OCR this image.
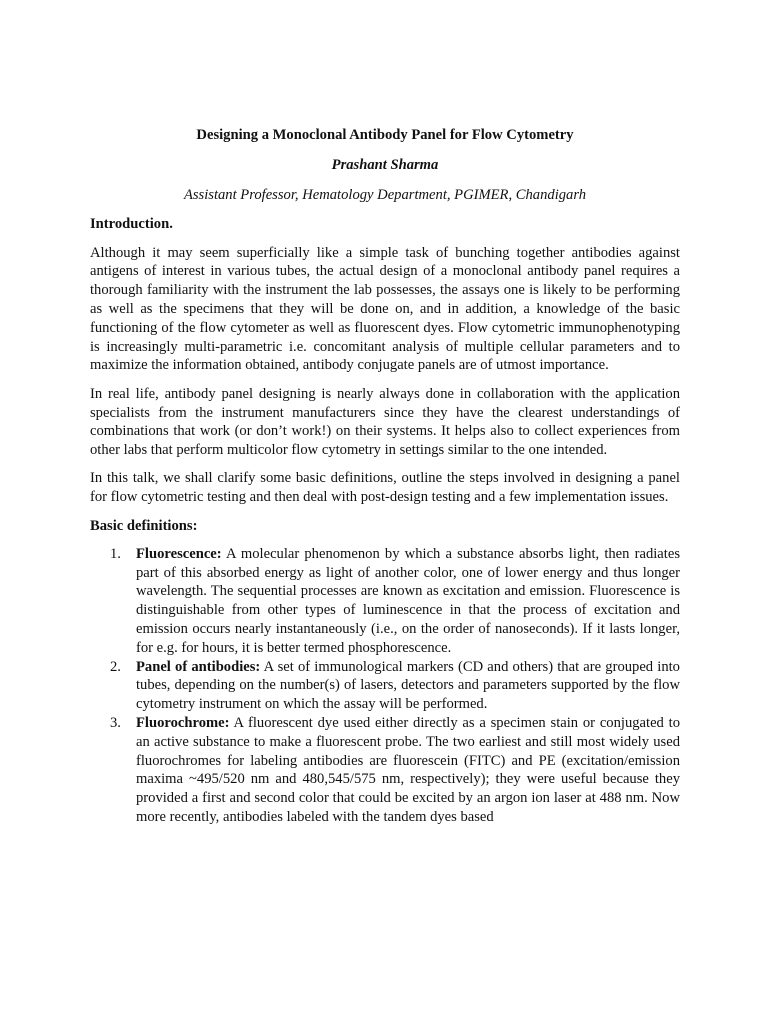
Designing a Monoclonal Antibody Panel for Flow Cytometry
Prashant Sharma
Assistant Professor, Hematology Department, PGIMER, Chandigarh
Introduction.

Although it may seem superficially like a simple task of bunching together antibodies against antigens of interest in various tubes, the actual design of a monoclonal antibody panel requires a thorough familiarity with the instrument the lab possesses, the assays one is likely to be performing as well as the specimens that they will be done on, and in addition, a knowledge of the basic functioning of the flow cytometer as well as fluorescent dyes. Flow cytometric immunophenotyping is increasingly multi-parametric i.e. concomitant analysis of multiple cellular parameters and to maximize the information obtained, antibody conjugate panels are of utmost importance.

In real life, antibody panel designing is nearly always done in collaboration with the application specialists from the instrument manufacturers since they have the clearest understandings of combinations that work (or don’t work!) on their systems. It helps also to collect experiences from other labs that perform multicolor flow cytometry in settings similar to the one intended.

In this talk, we shall clarify some basic definitions, outline the steps involved in designing a panel for flow cytometric testing and then deal with post-design testing and a few implementation issues.

Basic definitions:
1. Fluorescence: A molecular phenomenon by which a substance absorbs light, then radiates part of this absorbed energy as light of another color, one of lower energy and thus longer wavelength. The sequential processes are known as excitation and emission. Fluorescence is distinguishable from other types of luminescence in that the process of excitation and emission occurs nearly instantaneously (i.e., on the order of nanoseconds). If it lasts longer, for e.g. for hours, it is better termed phosphorescence.
2. Panel of antibodies: A set of immunological markers (CD and others) that are grouped into tubes, depending on the number(s) of lasers, detectors and parameters supported by the flow cytometry instrument on which the assay will be performed.
3. Fluorochrome: A fluorescent dye used either directly as a specimen stain or conjugated to an active substance to make a fluorescent probe. The two earliest and still most widely used fluorochromes for labeling antibodies are fluorescein (FITC) and PE (excitation/emission maxima ~495/520 nm and 480,545/575 nm, respectively); they were useful because they provided a first and second color that could be excited by an argon ion laser at 488 nm. Now more recently, antibodies labeled with the tandem dyes based
